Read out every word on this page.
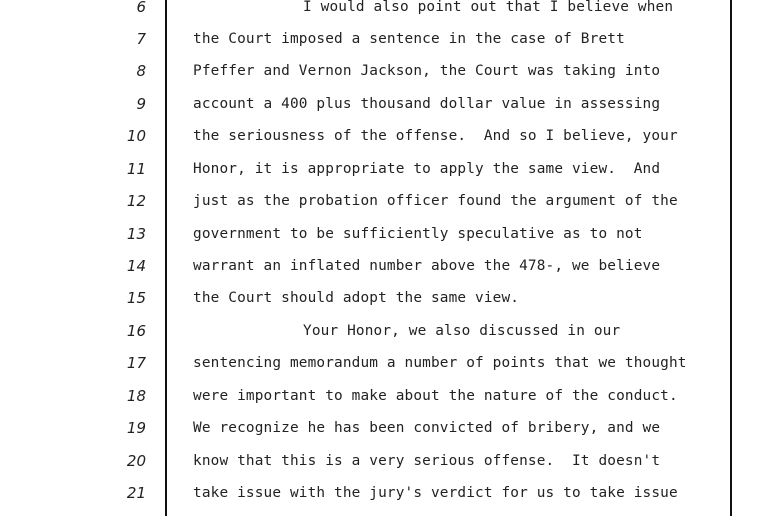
6	I would also point out that I believe when
7	the Court imposed a sentence in the case of Brett
8	Pfeffer and Vernon Jackson, the Court was taking into
9	account a 400 plus thousand dollar value in assessing
10	the seriousness of the offense.  And so I believe, your
11	Honor, it is appropriate to apply the same view.  And
12	just as the probation officer found the argument of the
13	government to be sufficiently speculative as to not
14	warrant an inflated number above the 478-, we believe
15	the Court should adopt the same view.
16	Your Honor, we also discussed in our
17	sentencing memorandum a number of points that we thought
18	were important to make about the nature of the conduct.
19	We recognize he has been convicted of bribery, and we
20	know that this is a very serious offense.  It doesn't
21	take issue with the jury's verdict for us to take issue
